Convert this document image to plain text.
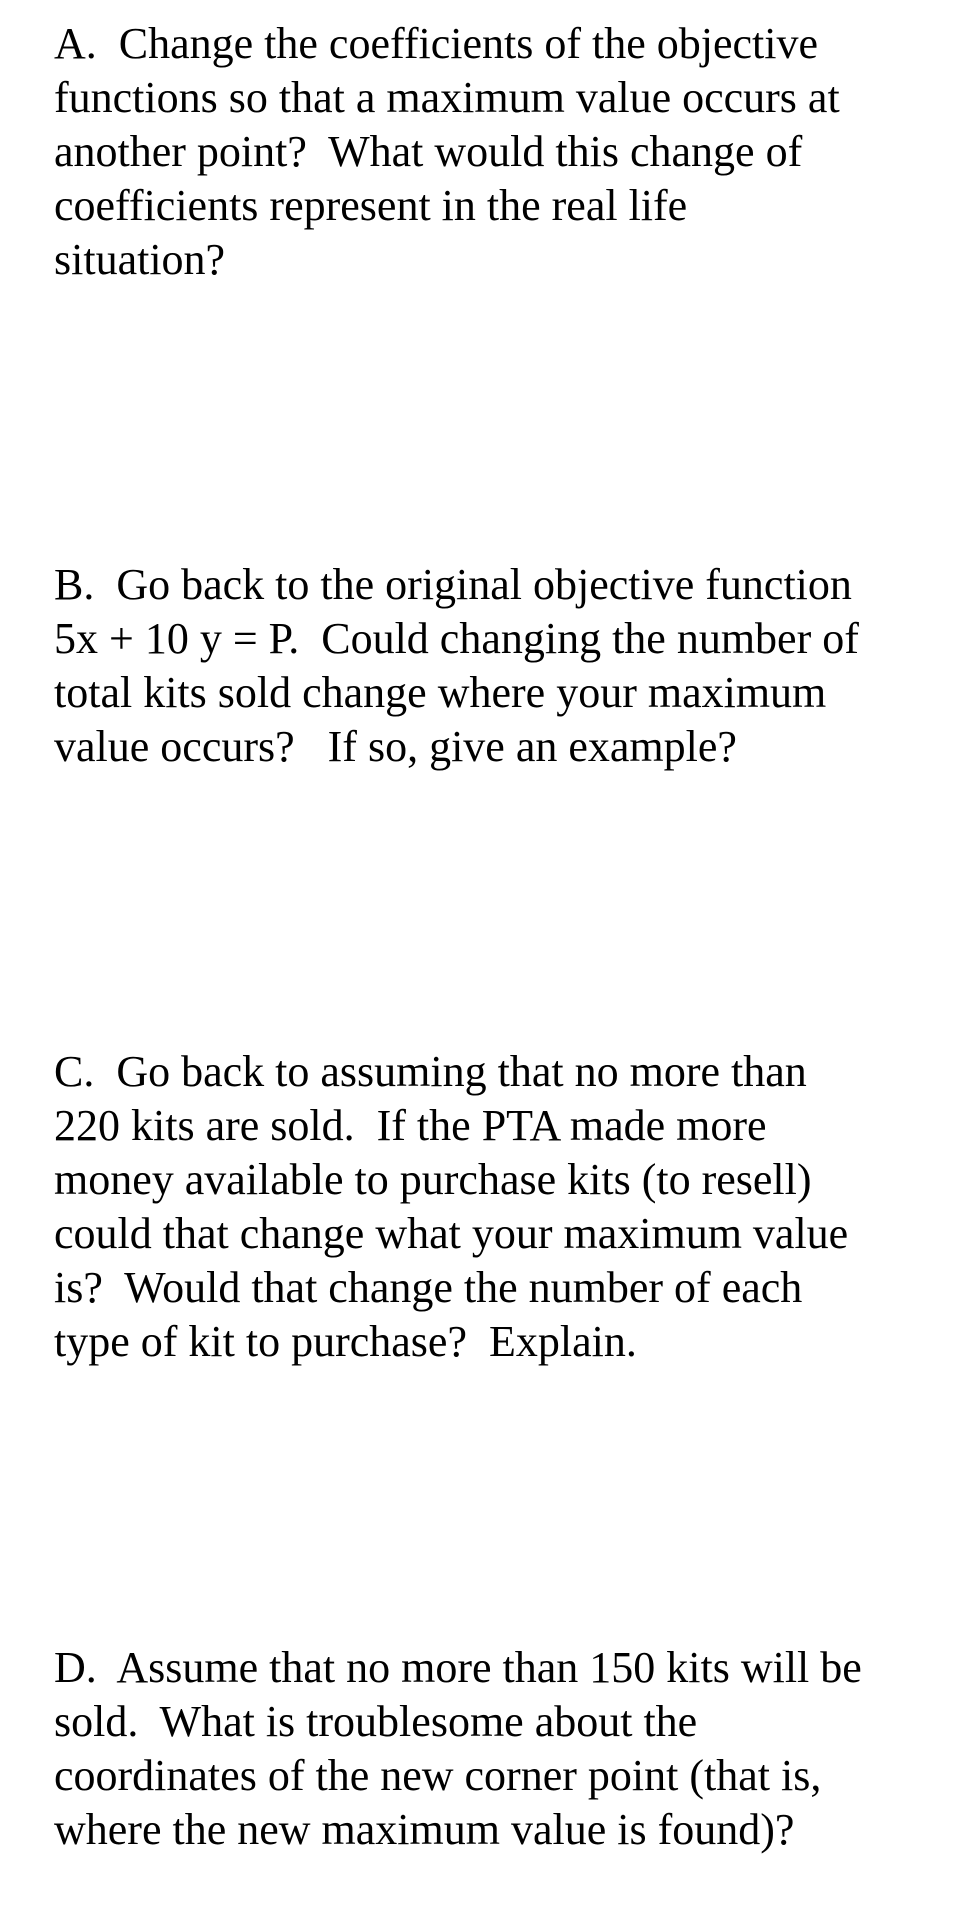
A.  Change the coefficients of the objective
functions so that a maximum value occurs at
another point?  What would this change of
coefficients represent in the real life
situation?

B.  Go back to the original objective function
5x + 10 y = P.  Could changing the number of
total kits sold change where your maximum
value occurs?   If so, give an example?

C.  Go back to assuming that no more than
220 kits are sold.  If the PTA made more
money available to purchase kits (to resell)
could that change what your maximum value
is?  Would that change the number of each
type of kit to purchase?  Explain.

D.  Assume that no more than 150 kits will be
sold.  What is troublesome about the
coordinates of the new corner point (that is,
where the new maximum value is found)?
